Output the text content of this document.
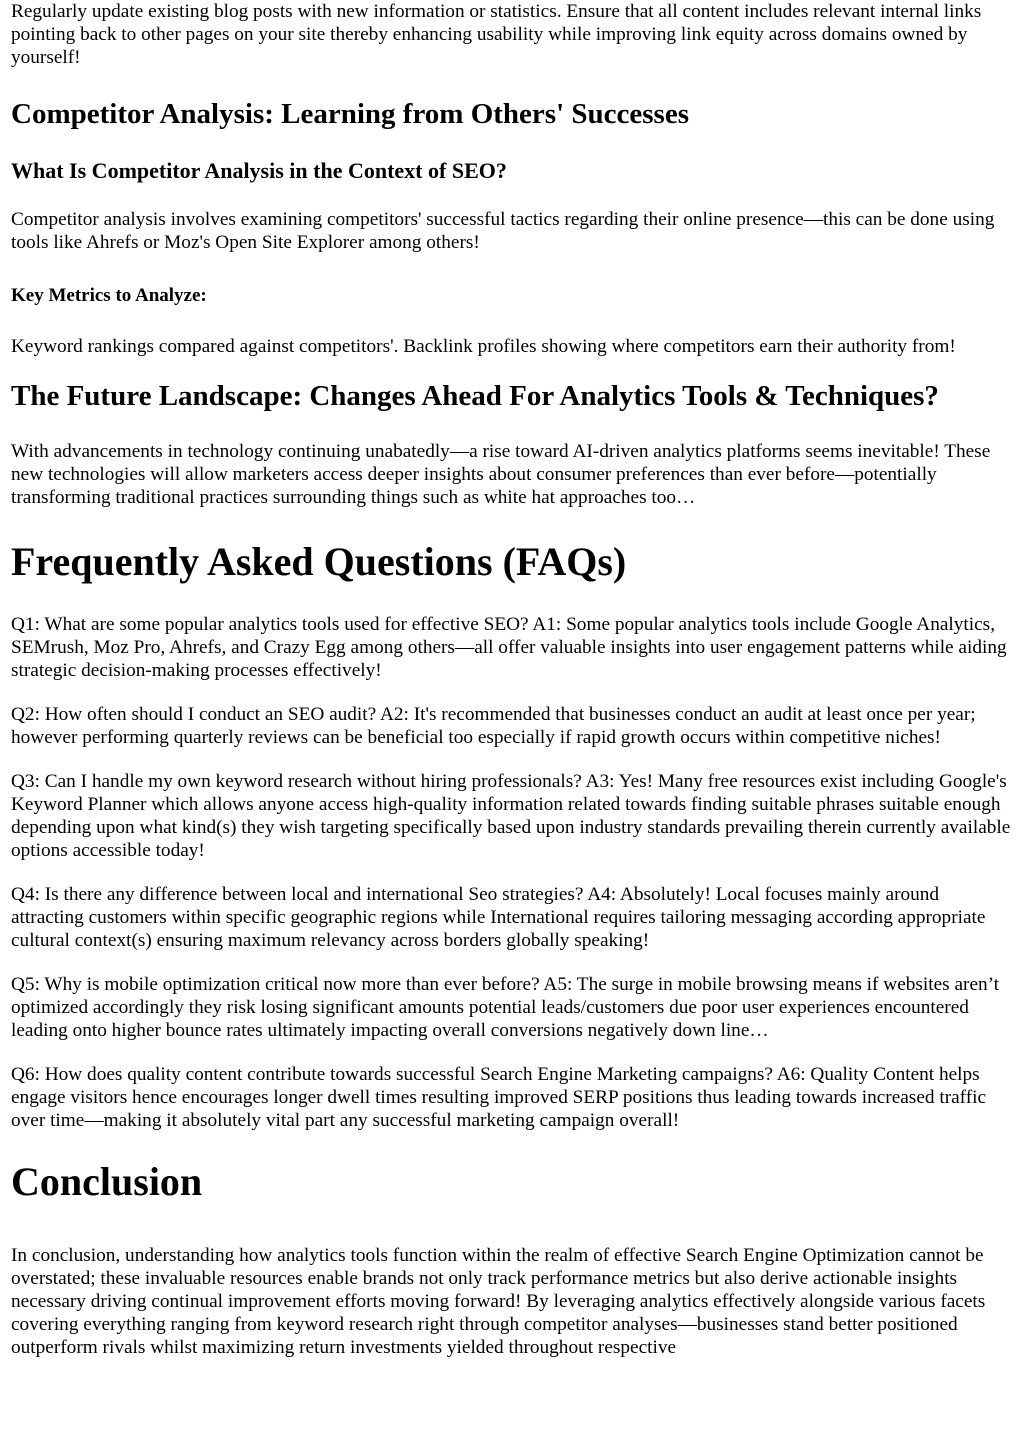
Regularly update existing blog posts with new information or statistics. Ensure that all content includes relevant internal links pointing back to other pages on your site thereby enhancing usability while improving link equity across domains owned by yourself!

Competitor Analysis: Learning from Others' Successes
What Is Competitor Analysis in the Context of SEO?

Competitor analysis involves examining competitors' successful tactics regarding their online presence—this can be done using tools like Ahrefs or Moz's Open Site Explorer among others!

Key Metrics to Analyze:

Keyword rankings compared against competitors'. Backlink profiles showing where competitors earn their authority from!

The Future Landscape: Changes Ahead For Analytics Tools & Techniques?

With advancements in technology continuing unabatedly—a rise toward AI-driven analytics platforms seems inevitable! These new technologies will allow marketers access deeper insights about consumer preferences than ever before—potentially transforming traditional practices surrounding things such as white hat approaches too…

Frequently Asked Questions (FAQs)

Q1: What are some popular analytics tools used for effective SEO? A1: Some popular analytics tools include Google Analytics, SEMrush, Moz Pro, Ahrefs, and Crazy Egg among others—all offer valuable insights into user engagement patterns while aiding strategic decision-making processes effectively!

Q2: How often should I conduct an SEO audit? A2: It's recommended that businesses conduct an audit at least once per year; however performing quarterly reviews can be beneficial too especially if rapid growth occurs within competitive niches!

Q3: Can I handle my own keyword research without hiring professionals? A3: Yes! Many free resources exist including Google's Keyword Planner which allows anyone access high-quality information related towards finding suitable phrases suitable enough depending upon what kind(s) they wish targeting specifically based upon industry standards prevailing therein currently available options accessible today!

Q4: Is there any difference between local and international Seo strategies? A4: Absolutely! Local focuses mainly around attracting customers within specific geographic regions while International requires tailoring messaging according appropriate cultural context(s) ensuring maximum relevancy across borders globally speaking!

Q5: Why is mobile optimization critical now more than ever before? A5: The surge in mobile browsing means if websites aren’t optimized accordingly they risk losing significant amounts potential leads/customers due poor user experiences encountered leading onto higher bounce rates ultimately impacting overall conversions negatively down line…

Q6: How does quality content contribute towards successful Search Engine Marketing campaigns? A6: Quality Content helps engage visitors hence encourages longer dwell times resulting improved SERP positions thus leading towards increased traffic over time—making it absolutely vital part any successful marketing campaign overall!

Conclusion

In conclusion, understanding how analytics tools function within the realm of effective Search Engine Optimization cannot be overstated; these invaluable resources enable brands not only track performance metrics but also derive actionable insights necessary driving continual improvement efforts moving forward! By leveraging analytics effectively alongside various facets covering everything ranging from keyword research right through competitor analyses—businesses stand better positioned outperform rivals whilst maximizing return investments yielded throughout respective
